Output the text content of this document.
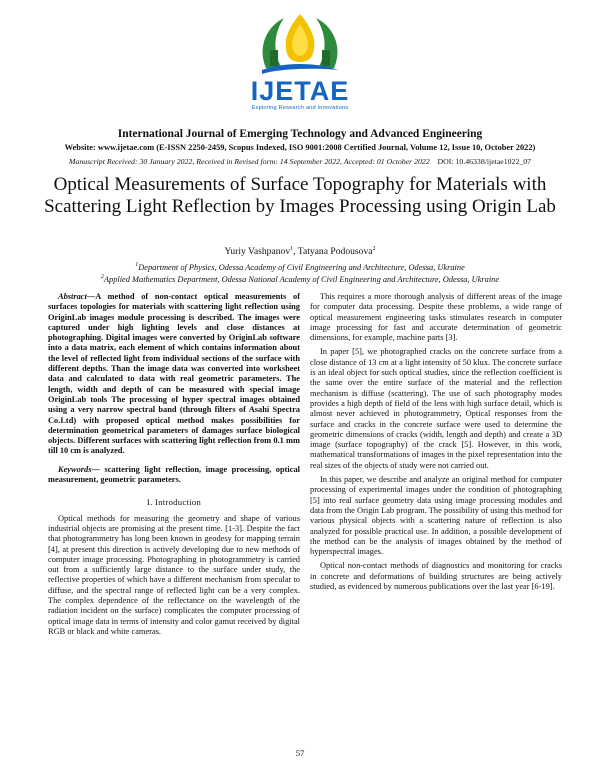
IJETAE
Exploring Research and Innovations
International Journal of Emerging Technology and Advanced Engineering
Website: www.ijetae.com (E-ISSN 2250-2459, Scopus Indexed, ISO 9001:2008 Certified Journal, Volume 12, Issue 10, October 2022)
Manuscript Received: 30 January 2022, Received in Revised form: 14 September 2022, Accepted: 01 October 2022 DOI: 10.46338/ijetae1022_07
Optical Measurements of Surface Topography for Materials with Scattering Light Reflection by Images Processing using Origin Lab
Yuriy Vashpanov$^1$, Tatyana Podousova$^2$
$^1$Department of Physics, Odessa Academy of Civil Engineering and Architecture, Odessa, Ukraine
$^2$Applied Mathematics Department, Odessa National Academy of Civil Engineering and Architecture, Odessa, Ukraine

Abstract—A method of non-contact optical measurements of surfaces topologies for materials with scattering light reflection using OriginLab images module processing is described. The images were captured under high lighting levels and close distances at photographing. Digital images were converted by OriginLab software into a data matrix, each element of which contains information about the level of reflected light from individual sections of the surface with different depths. Than the image data was converted into worksheet data and calculated to data with real geometric parameters. The length, width and depth of can be measured with special image OriginLab tools The processing of hyper spectral images obtained using a very narrow spectral band (through filters of Asahi Spectra Co.Ltd) with proposed optical method makes possibilities for determination geometrical parameters of damages surface biological objects. Different surfaces with scattering light reflection from 0.1 mm till 10 cm is analyzed.

Keywords— scattering light reflection, image processing, optical measurement, geometric parameters.

I. Introduction

Optical methods for measuring the geometry and shape of various industrial objects are promising at the present time. [1-3]. Despite the fact that photogrammetry has long been known in geodesy for mapping terrain [4], at present this direction is actively developing due to new methods of computer image processing. Photographing in photogrammetry is carried out from a sufficiently large distance to the surface under study, the reflective properties of which have a different mechanism from specular to diffuse, and the spectral range of reflected light can be a very complex. The complex dependence of the reflectance on the wavelength of the radiation incident on the surface) complicates the computer processing of optical image data in terms of intensity and color gamut received by digital RGB or black and white cameras.

This requires a more thorough analysis of different areas of the image for computer data processing. Despite these problems, a wide range of optical measurement engineering tasks stimulates research in computer image processing for fast and accurate determination of geometric dimensions, for example, machine parts [3].

In paper [5], we photographed cracks on the concrete surface from a close distance of 13 cm at a light intensity of 50 klux. The concrete surface is an ideal object for such optical studies, since the reflection coefficient is the same over the entire surface of the material and the reflection mechanism is diffuse (scattering). The use of such photography modes provides a high depth of field of the lens with high surface detail, which is almost never achieved in photogrammetry, Optical responses from the surface and cracks in the concrete surface were used to determine the geometric dimensions of cracks (width, length and depth) and create a 3D image (surface topography) of the crack [5]. However, in this work, mathematical transformations of images in the pixel representation into the real sizes of the objects of study were not carried out.

In this paper, we describe and analyze an original method for computer processing of experimental images under the condition of photographing [5] into real surface geometry data using image processing modules and data from the Origin Lab program. The possibility of using this method for various physical objects with a scattering nature of reflection is also analyzed for possible practical use. In addition, a possible development of the method can be the analysis of images obtained by the method of hyperspectral images.

Optical non-contact methods of diagnostics and monitoring for cracks in concrete and deformations of building structures are being actively studied, as evidenced by numerous publications over the last year [6-19].

57
